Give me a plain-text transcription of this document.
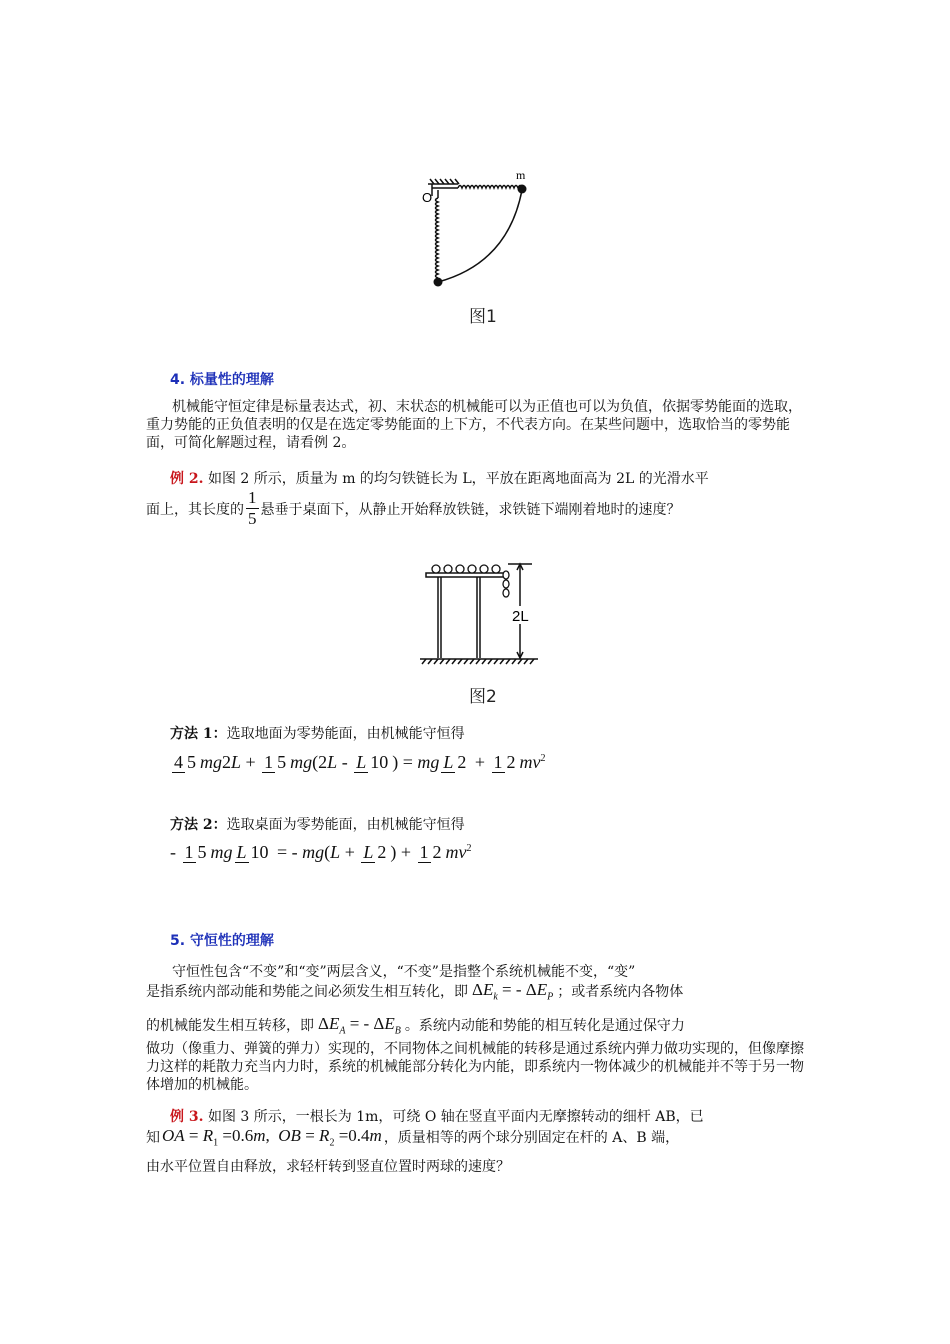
m
O
图1
4. 标量性的理解

机械能守恒定律是标量表达式，初、末状态的机械能可以为正值也可以为负值，依据零势能面的选取，重力势能的正负值表明的仅是在选定零势能面的上下方，不代表方向。在某些问题中，选取恰当的零势能面，可简化解题过程，请看例 2。

例 2. 如图 2 所示，质量为 m 的均匀铁链长为 L，平放在距离地面高为 2L 的光滑水平
面上，其长度的 $\frac{1}{5}$ 悬垂于桌面下，从静止开始释放铁链，求铁链下端刚着地时的速度？
2L
图2
方法 1：选取地面为零势能面，由机械能守恒得
4 5 mg 2 L + 1 5 mg (2 L - L 10 ) = mg L 2 + 1 2 $mv^2$
方法 2：选取桌面为零势能面，由机械能守恒得
- 1 5 mg L 10 = - mg ( L + L 2 ) + 1 2 $mv^2$
5. 守恒性的理解
守恒性包含“不变”和“变”两层含义，“不变”是指整个系统机械能不变，“变”
是指系统内部动能和势能之间必须发生相互转化，即 $\Delta E_k$ = - $\Delta E_P$ ；或者系统内各物体
的机械能发生相互转移，即 $\Delta E_A$ = - $\Delta E_B$ 。系统内动能和势能的相互转化是通过保守力

做功（像重力、弹簧的弹力）实现的，不同物体之间机械能的转移是通过系统内弹力做功实现的，但像摩擦力这样的耗散力充当内力时，系统的机械能部分转化为内能，即系统内一物体减少的机械能并不等于另一物体增加的机械能。

例 3. 如图 3 所示，一根长为 1m，可绕 O 轴在竖直平面内无摩擦转动的细杆 AB，已
知 OA = $R_1 =0.6m$,  OB = $R_2 =0.4m$ ，质量相等的两个球分别固定在杆的 A、B 端，
由水平位置自由释放，求轻杆转到竖直位置时两球的速度？
